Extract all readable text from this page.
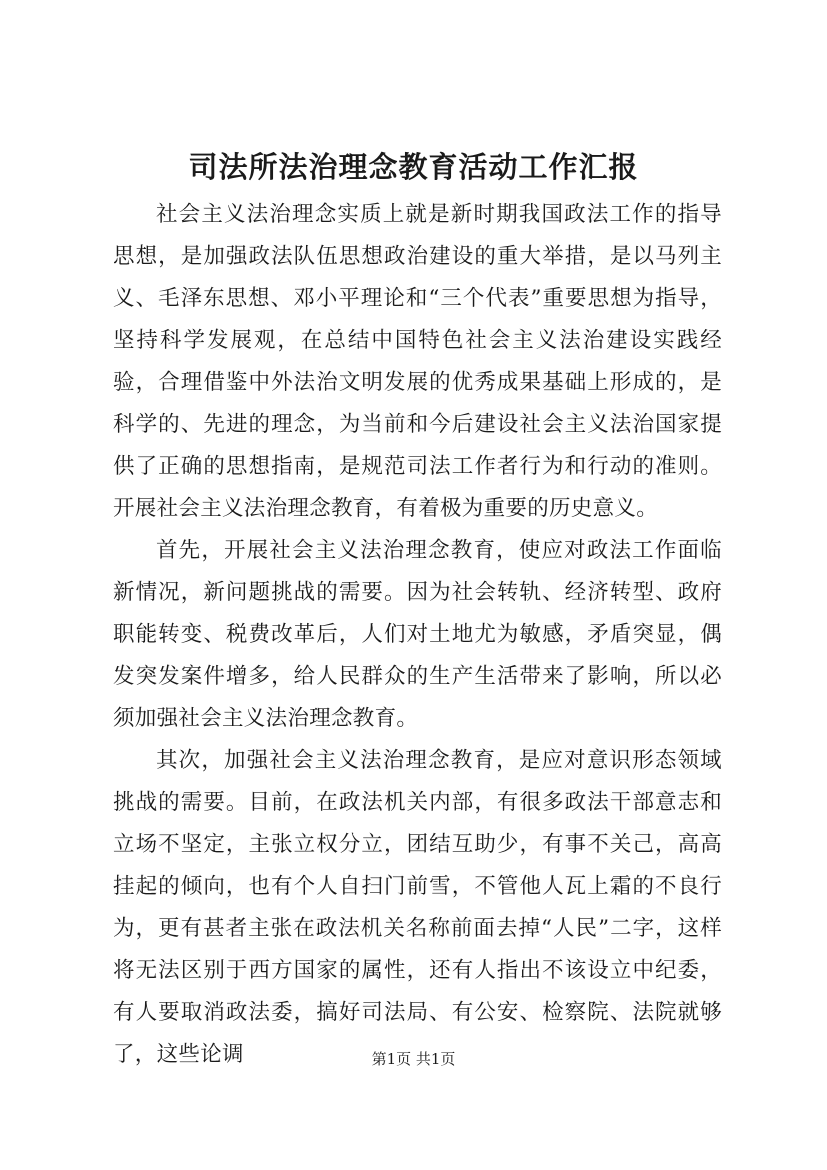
司法所法治理念教育活动工作汇报

社会主义法治理念实质上就是新时期我国政法工作的指导思想，是加强政法队伍思想政治建设的重大举措，是以马列主义、毛泽东思想、邓小平理论和“三个代表”重要思想为指导，坚持科学发展观，在总结中国特色社会主义法治建设实践经验，合理借鉴中外法治文明发展的优秀成果基础上形成的，是科学的、先进的理念，为当前和今后建设社会主义法治国家提供了正确的思想指南，是规范司法工作者行为和行动的准则。开展社会主义法治理念教育，有着极为重要的历史意义。

首先，开展社会主义法治理念教育，使应对政法工作面临新情况，新问题挑战的需要。因为社会转轨、经济转型、政府职能转变、税费改革后，人们对土地尤为敏感，矛盾突显，偶发突发案件增多，给人民群众的生产生活带来了影响，所以必须加强社会主义法治理念教育。

其次，加强社会主义法治理念教育，是应对意识形态领域挑战的需要。目前，在政法机关内部，有很多政法干部意志和立场不坚定，主张立权分立，团结互助少，有事不关己，高高挂起的倾向，也有个人自扫门前雪，不管他人瓦上霜的不良行为，更有甚者主张在政法机关名称前面去掉“人民”二字，这样将无法区别于西方国家的属性，还有人指出不该设立中纪委，有人要取消政法委，搞好司法局、有公安、检察院、法院就够了，这些论调	第1页 共1页
